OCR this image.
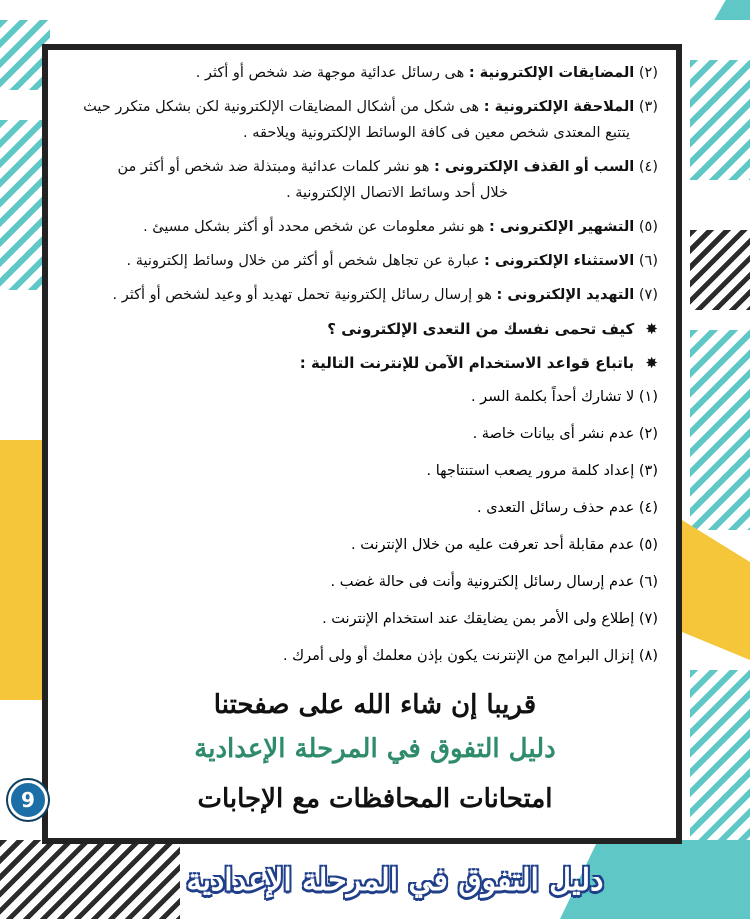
(٢) المضايقات الإلكترونية : هى رسائل عدائية موجهة ضد شخص أو أكثر .
(٣) الملاحقة الإلكترونية : هى شكل من أشكال المضايقات الإلكترونية لكن بشكل متكرر حيث
يتتبع المعتدى شخص معين فى كافة الوسائط الإلكترونية ويلاحقه .
(٤) السب أو القذف الإلكترونى : هو نشر كلمات عدائية ومبتذلة ضد شخص أو أكثر من
خلال أحد وسائط الاتصال الإلكترونية .
(٥) التشهير الإلكترونى : هو نشر معلومات عن شخص محدد أو أكثر بشكل مسيئ .
(٦) الاستثناء الإلكترونى : عبارة عن تجاهل شخص أو أكثر من خلال وسائط إلكترونية .
(٧) التهديد الإلكترونى : هو إرسال رسائل إلكترونية تحمل تهديد أو وعيد لشخص أو أكثر .
✸ كيف تحمى نفسك من التعدى الإلكترونى ؟
✸ باتباع قواعد الاستخدام الآمن للإنترنت التالية :
(١) لا تشارك أحداً بكلمة السر .
(٢) عدم نشر أى بيانات خاصة .
(٣) إعداد كلمة مرور يصعب استنتاجها .
(٤) عدم حذف رسائل التعدى .
(٥) عدم مقابلة أحد تعرفت عليه من خلال الإنترنت .
(٦) عدم إرسال رسائل إلكترونية وأنت فى حالة غضب .
(٧) إطلاع ولى الأمر بمن يضايقك عند استخدام الإنترنت .
(٨) إنزال البرامج من الإنترنت يكون بإذن معلمك أو ولى أمرك .
قريبا إن شاء الله على صفحتنا
دليل التفوق في المرحلة الإعدادية
امتحانات المحافظات مع الإجابات
9
دليل التفوق في المرحلة الإعدادية
